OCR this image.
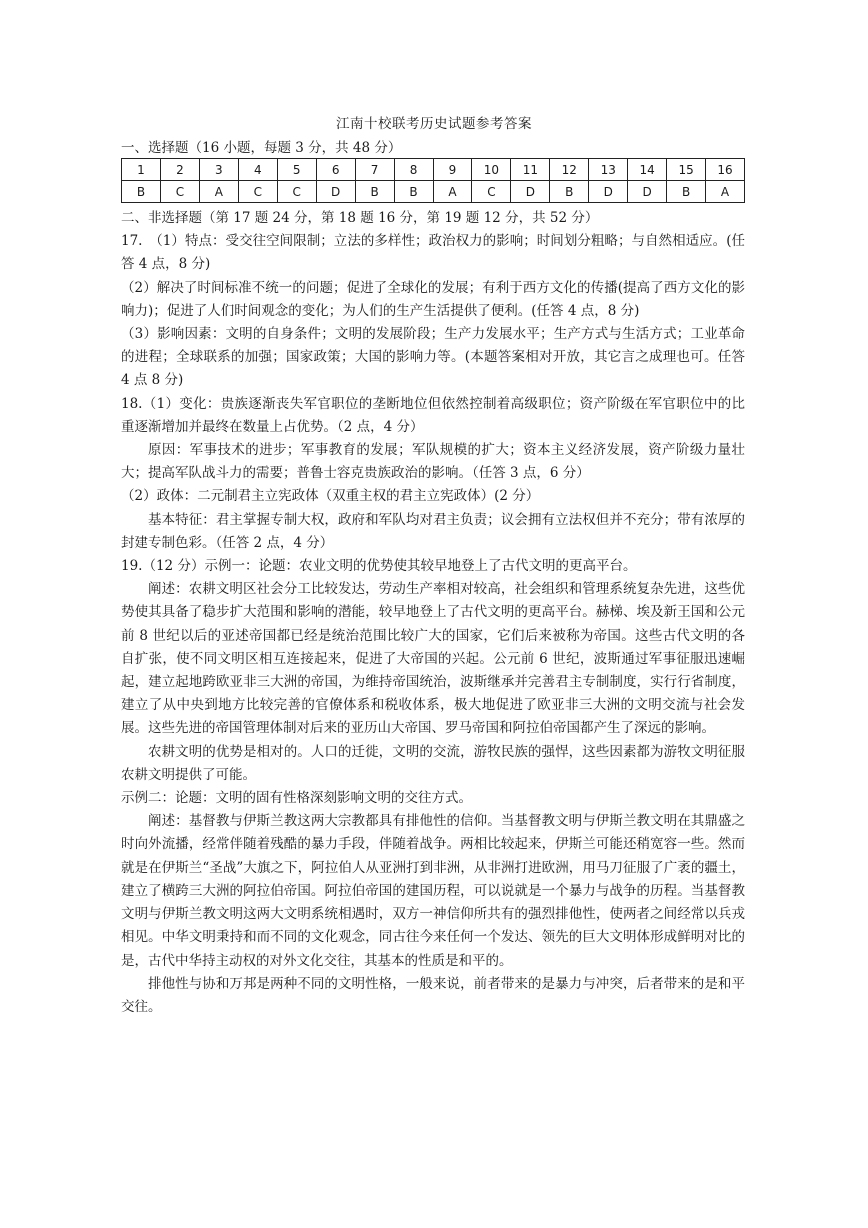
江南十校联考历史试题参考答案
一、选择题（16 小题，每题 3 分，共 48 分）
1	2	3	4	5	6	7	8	9	10	11	12	13	14	15	16
B	C	A	C	C	D	B	B	A	C	D	B	D	D	B	A

二、非选择题（第 17 题 24 分，第 18 题 16 分，第 19 题 12 分，共 52 分）

17.　（1）特点：受交往空间限制；立法的多样性；政治权力的影响；时间划分粗略；与自然相适应。(任答 4 点，8 分)

（2）解决了时间标准不统一的问题；促进了全球化的发展；有利于西方文化的传播(提高了西方文化的影响力)；促进了人们时间观念的变化；为人们的生产生活提供了便利。(任答 4 点，8 分)

（3）影响因素：文明的自身条件；文明的发展阶段；生产力发展水平；生产方式与生活方式；工业革命的进程；全球联系的加强；国家政策；大国的影响力等。(本题答案相对开放，其它言之成理也可。任答 4 点 8 分)

18.（1）变化：贵族逐渐丧失军官职位的垄断地位但依然控制着高级职位；资产阶级在军官职位中的比重逐渐增加并最终在数量上占优势。（2 点，4 分）

原因：军事技术的进步；军事教育的发展；军队规模的扩大；资本主义经济发展，资产阶级力量壮大；提高军队战斗力的需要；普鲁士容克贵族政治的影响。（任答 3 点，6 分）

（2）政体：二元制君主立宪政体（双重主权的君主立宪政体）(2 分）

基本特征：君主掌握专制大权，政府和军队均对君主负责；议会拥有立法权但并不充分；带有浓厚的封建专制色彩。（任答 2 点，4 分）

19.（12 分）示例一：论题：农业文明的优势使其较早地登上了古代文明的更高平台。

阐述：农耕文明区社会分工比较发达，劳动生产率相对较高，社会组织和管理系统复杂先进，这些优势使其具备了稳步扩大范围和影响的潜能，较早地登上了古代文明的更高平台。赫梯、埃及新王国和公元前 8 世纪以后的亚述帝国都已经是统治范围比较广大的国家，它们后来被称为帝国。这些古代文明的各自扩张，使不同文明区相互连接起来，促进了大帝国的兴起。公元前 6 世纪，波斯通过军事征服迅速崛起，建立起地跨欧亚非三大洲的帝国，为维持帝国统治，波斯继承并完善君主专制制度，实行行省制度，建立了从中央到地方比较完善的官僚体系和税收体系，极大地促进了欧亚非三大洲的文明交流与社会发展。这些先进的帝国管理体制对后来的亚历山大帝国、罗马帝国和阿拉伯帝国都产生了深远的影响。

农耕文明的优势是相对的。人口的迁徙，文明的交流，游牧民族的强悍，这些因素都为游牧文明征服农耕文明提供了可能。

示例二：论题：文明的固有性格深刻影响文明的交往方式。

阐述：基督教与伊斯兰教这两大宗教都具有排他性的信仰。当基督教文明与伊斯兰教文明在其鼎盛之时向外流播，经常伴随着残酷的暴力手段，伴随着战争。两相比较起来，伊斯兰可能还稍宽容一些。然而就是在伊斯兰“圣战”大旗之下，阿拉伯人从亚洲打到非洲，从非洲打进欧洲，用马刀征服了广袤的疆土，建立了横跨三大洲的阿拉伯帝国。阿拉伯帝国的建国历程，可以说就是一个暴力与战争的历程。当基督教文明与伊斯兰教文明这两大文明系统相遇时，双方一神信仰所共有的强烈排他性，使两者之间经常以兵戎相见。中华文明秉持和而不同的文化观念，同古往今来任何一个发达、领先的巨大文明体形成鲜明对比的是，古代中华持主动权的对外文化交往，其基本的性质是和平的。

排他性与协和万邦是两种不同的文明性格，一般来说，前者带来的是暴力与冲突，后者带来的是和平交往。
